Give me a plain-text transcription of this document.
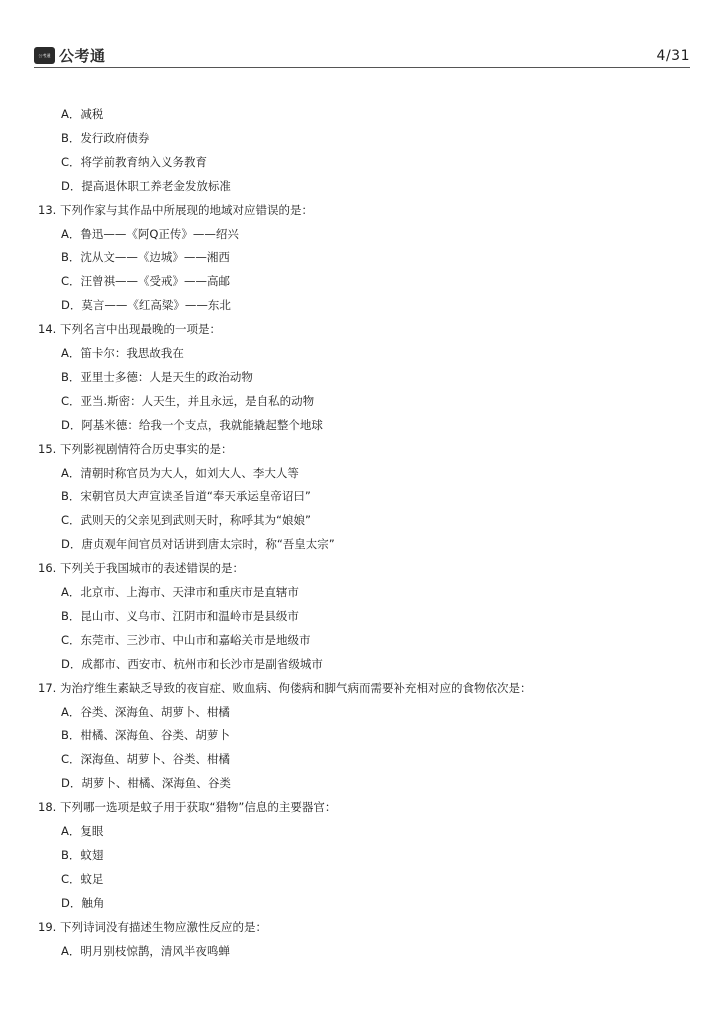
公考通 公考通	4/31
A．减税
B．发行政府债券
C．将学前教育纳入义务教育
D．提高退休职工养老金发放标准
13. 下列作家与其作品中所展现的地域对应错误的是：
A．鲁迅——《阿Q正传》——绍兴
B．沈从文——《边城》——湘西
C．汪曾祺——《受戒》——高邮
D．莫言——《红高粱》——东北
14. 下列名言中出现最晚的一项是：
A．笛卡尔：我思故我在
B．亚里士多德：人是天生的政治动物
C．亚当.斯密：人天生，并且永远，是自私的动物
D．阿基米德：给我一个支点，我就能撬起整个地球
15. 下列影视剧情符合历史事实的是：
A．清朝时称官员为大人，如刘大人、李大人等
B．宋朝官员大声宣读圣旨道“奉天承运皇帝诏曰”
C．武则天的父亲见到武则天时，称呼其为“娘娘”
D．唐贞观年间官员对话讲到唐太宗时，称“吾皇太宗”
16. 下列关于我国城市的表述错误的是：
A．北京市、上海市、天津市和重庆市是直辖市
B．昆山市、义乌市、江阴市和温岭市是县级市
C．东莞市、三沙市、中山市和嘉峪关市是地级市
D．成都市、西安市、杭州市和长沙市是副省级城市
17. 为治疗维生素缺乏导致的夜盲症、败血病、佝偻病和脚气病而需要补充相对应的食物依次是：
A．谷类、深海鱼、胡萝卜、柑橘
B．柑橘、深海鱼、谷类、胡萝卜
C．深海鱼、胡萝卜、谷类、柑橘
D．胡萝卜、柑橘、深海鱼、谷类
18. 下列哪一选项是蚊子用于获取“猎物”信息的主要器官：
A．复眼
B．蚊翅
C．蚊足
D．触角
19. 下列诗词没有描述生物应激性反应的是：
A．明月别枝惊鹊，清风半夜鸣蝉
